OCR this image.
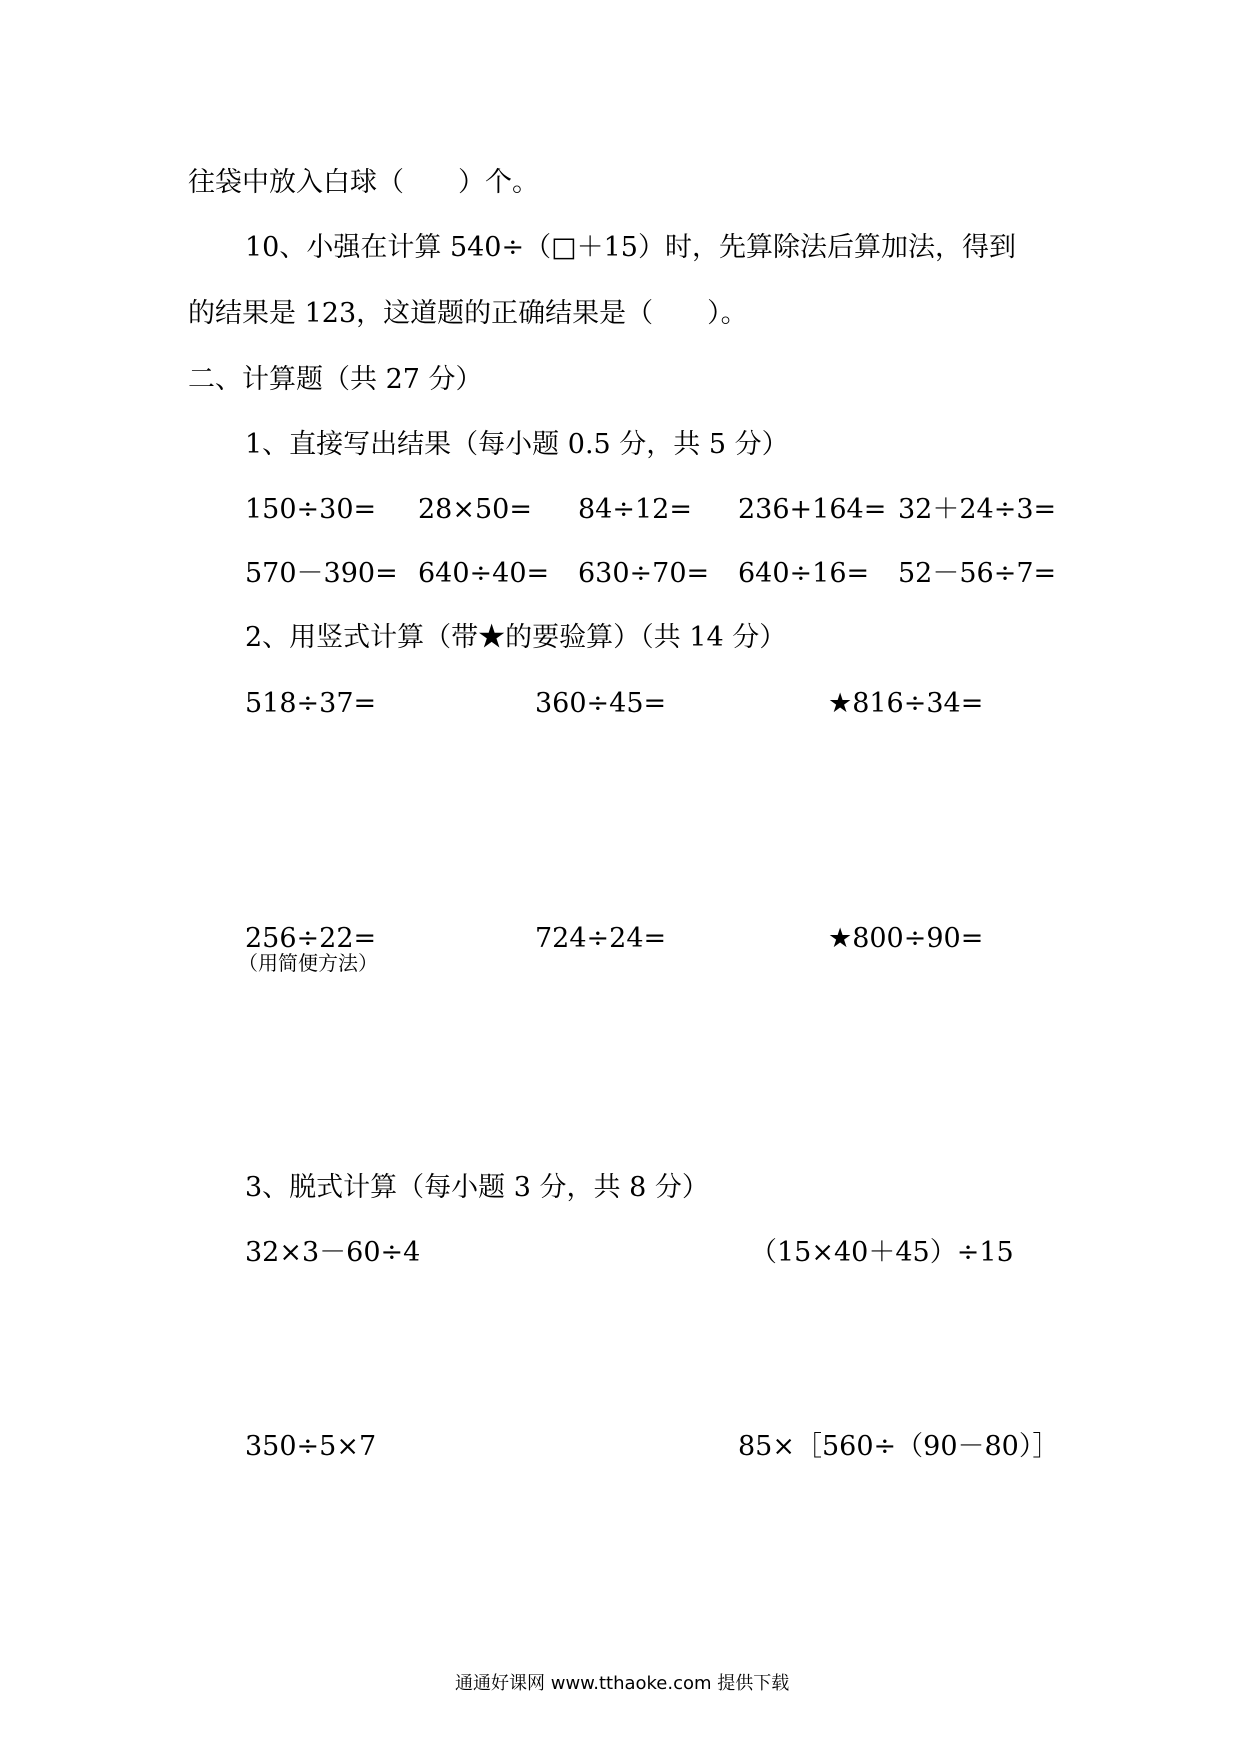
往袋中放入白球（　　）个。
10、小强在计算 540÷（□＋15）时，先算除法后算加法，得到
的结果是 123，这道题的正确结果是（　　）。
二、计算题（共 27 分）
1、直接写出结果（每小题 0.5 分，共 5 分）
150÷30= 28×50= 84÷12= 236+164= 32＋24÷3=
570－390= 640÷40= 630÷70= 640÷16= 52－56÷7=
2、用竖式计算（带★的要验算）（共 14 分）
518÷37=	360÷45=	★816÷34=
256÷22=	724÷24=	★800÷90=
（用简便方法）
3、脱式计算（每小题 3 分，共 8 分）
32×3－60÷4	（15×40＋45）÷15
350÷5×7	85×［560÷（90－80）］
通通好课网 www.tthaoke.com 提供下载
